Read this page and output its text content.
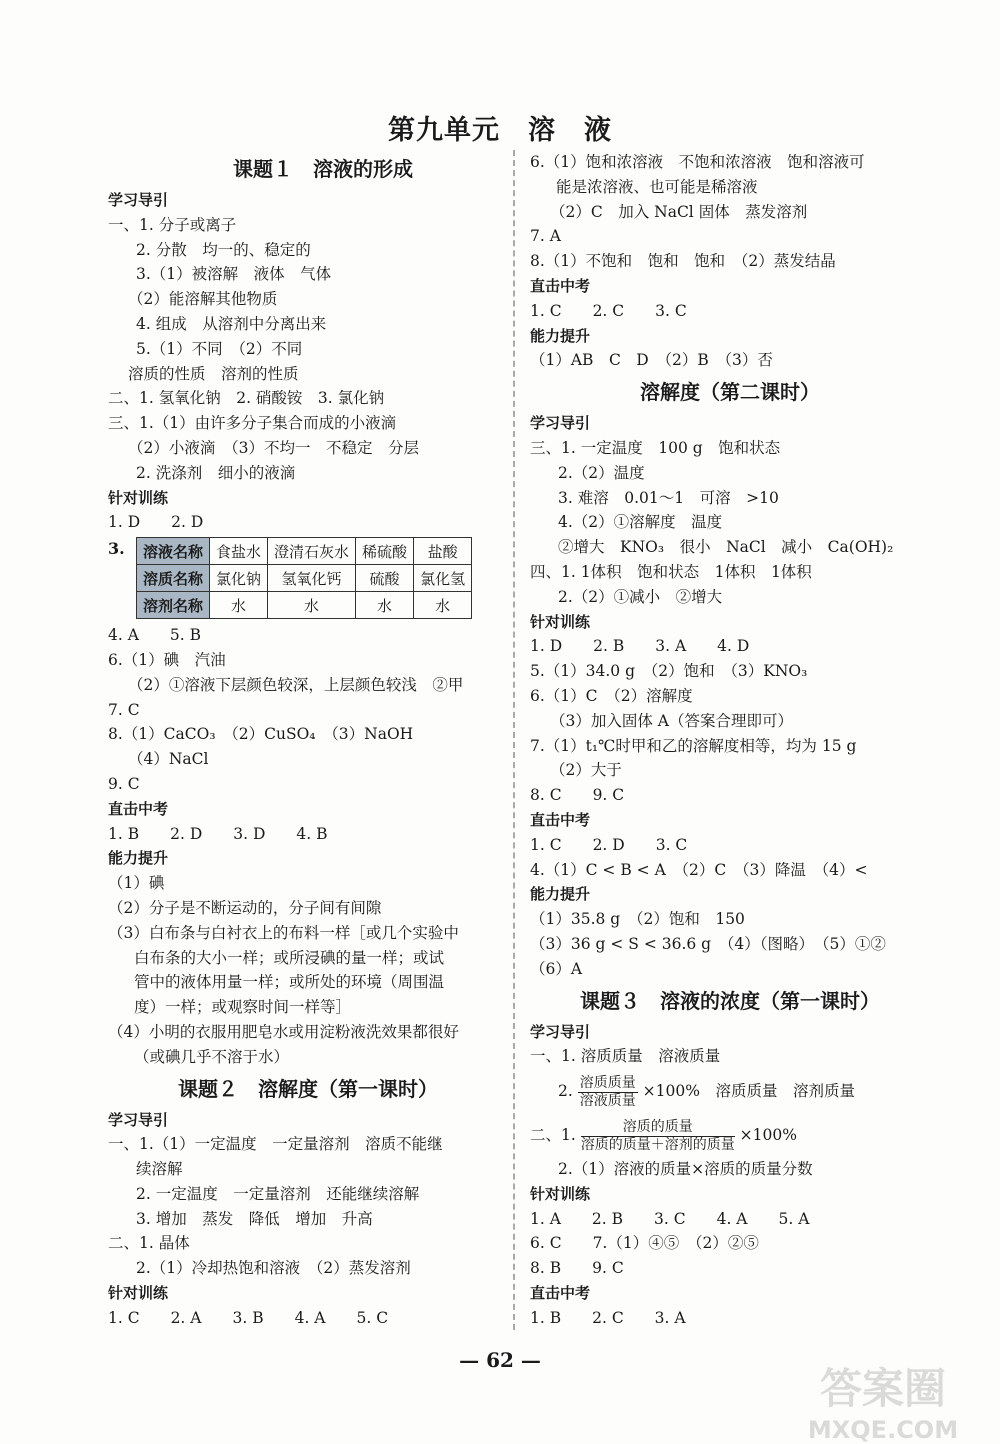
第九单元　溶　液
课题１　溶液的形成
学习导引
一、1. 分子或离子
2. 分散　均一的、稳定的
3.（1）被溶解　液体　气体
（2）能溶解其他物质
4. 组成　从溶剂中分离出来
5.（1）不同　（2）不同
溶质的性质　溶剂的性质
二、1. 氢氧化钠　2. 硝酸铵　3. 氯化钠
三、1.（1）由许多分子集合而成的小液滴
（2）小液滴　（3）不均一　不稳定　分层
2. 洗涤剂　细小的液滴
针对训练
1. D　　2. D
3. 溶液名称	食盐水	澄清石灰水	稀硫酸	盐酸
溶质名称	氯化钠	氢氧化钙	硫酸	氯化氢
溶剂名称	水	水	水	水
4. A　　5. B
6.（1）碘　汽油
（2）①溶液下层颜色较深，上层颜色较浅　②甲
7. C
8.（1）CaCO₃　（2）CuSO₄　（3）NaOH
（4）NaCl
9. C
直击中考
1. B　　2. D　　3. D　　4. B
能力提升
（1）碘
（2）分子是不断运动的，分子间有间隙
（3）白布条与白衬衣上的布料一样［或几个实验中
白布条的大小一样；或所浸碘的量一样；或试
管中的液体用量一样；或所处的环境（周围温
度）一样；或观察时间一样等］
（4）小明的衣服用肥皂水或用淀粉液洗效果都很好
（或碘几乎不溶于水）
课题２　溶解度（第一课时）
学习导引
一、1.（1）一定温度　一定量溶剂　溶质不能继
续溶解
2. 一定温度　一定量溶剂　还能继续溶解
3. 增加　蒸发　降低　增加　升高
二、1. 晶体
2.（1）冷却热饱和溶液　（2）蒸发溶剂
针对训练
1. C　　2. A　　3. B　　4. A　　5. C
6.（1）饱和浓溶液　不饱和浓溶液　饱和溶液可
能是浓溶液、也可能是稀溶液
（2）C　加入 NaCl 固体　蒸发溶剂
7. A
8.（1）不饱和　饱和　饱和　（2）蒸发结晶
直击中考
1. C　　2. C　　3. C
能力提升
（1）AB　C　D　（2）B　（3）否
溶解度（第二课时）
学习导引
三、1. 一定温度　100 g　饱和状态
2.（2）温度
3. 难溶　0.01～1　可溶　>10
4.（2）①溶解度　温度
②增大　KNO₃　很小　NaCl　减小　Ca(OH)₂
四、1. 1体积　饱和状态　1体积　1体积
2.（2）①减小　②增大
针对训练
1. D　　2. B　　3. A　　4. D
5.（1）34.0 g　（2）饱和　（3）KNO₃
6.（1）C　（2）溶解度
（3）加入固体 A（答案合理即可）
7.（1）t₁℃时甲和乙的溶解度相等，均为 15 g
（2）大于
8. C　　9. C
直击中考
1. C　　2. D　　3. C
4.（1）C < B < A　（2）C　（3）降温　（4）<
能力提升
（1）35.8 g　（2）饱和　150
（3）36 g < S < 36.6 g　（4）（图略）　（5）①②
（6）A
课题３　溶液的浓度（第一课时）
学习导引
一、1. 溶质质量　溶液质量
2. $\frac{\text{溶质质量}}{\text{溶液质量}} \times 100\%$　溶质质量　溶剂质量
二、1. $\frac{\text{溶质的质量}}{\text{溶质的质量＋溶剂的质量}} \times 100\%$
2.（1）溶液的质量×溶质的质量分数
针对训练
1. A　　2. B　　3. C　　4. A　　5. A
6. C　　7.（1）④⑤　（2）②⑤
8. B　　9. C
直击中考
1. B　　2. C　　3. A
— 62 —
答案圈
MXQE.COM
